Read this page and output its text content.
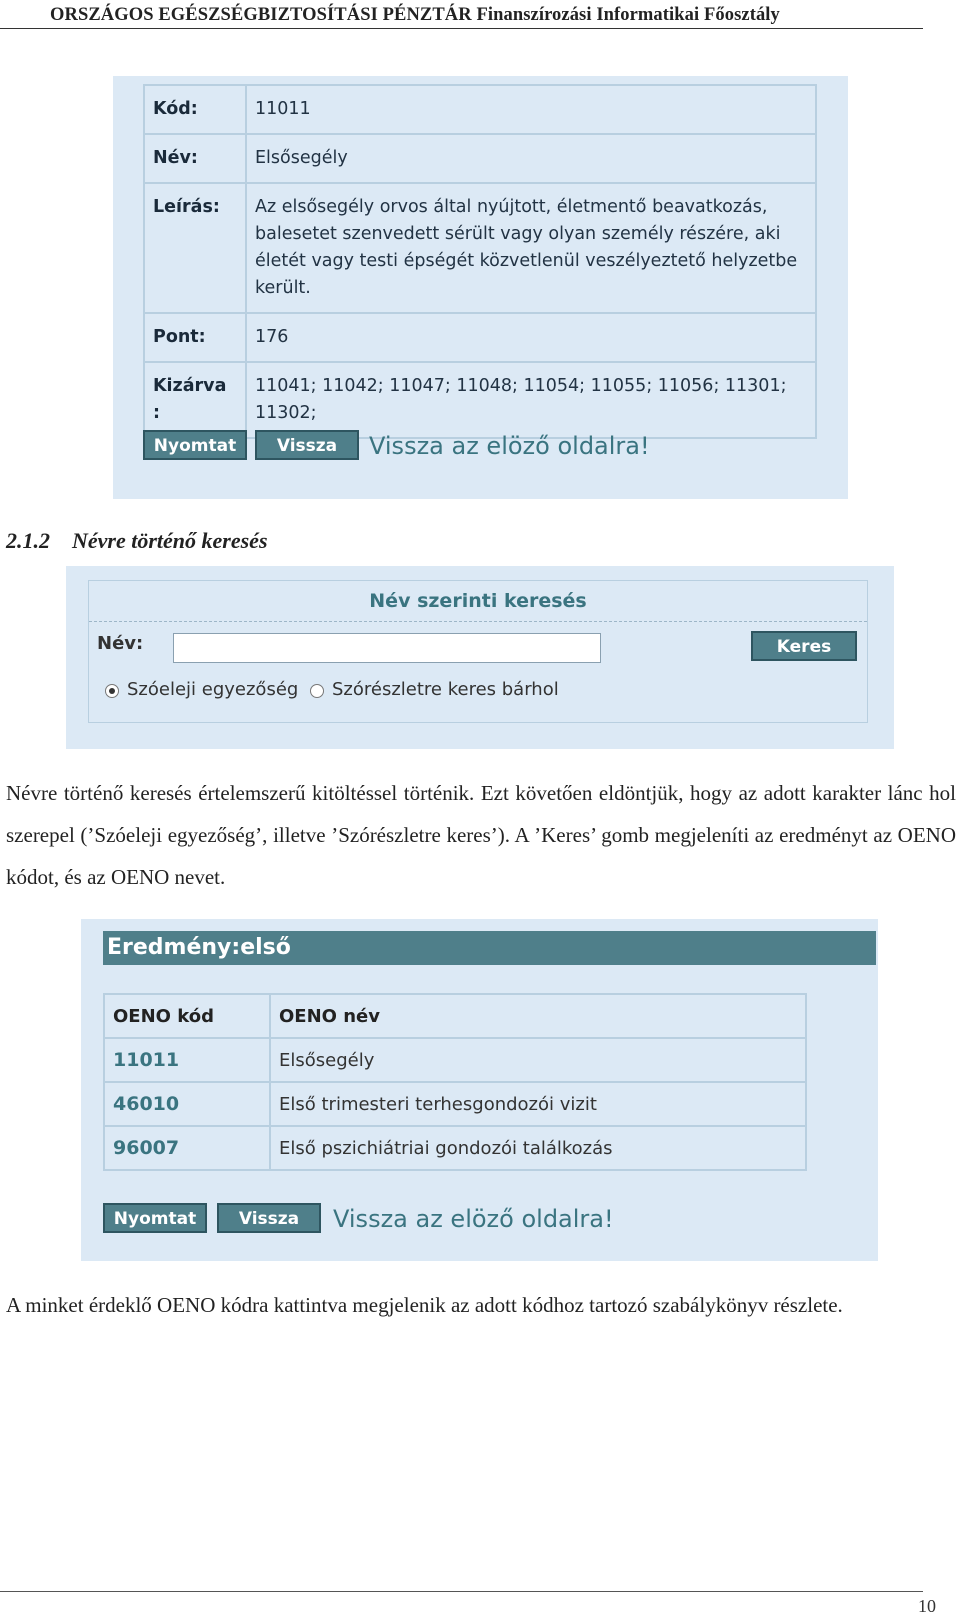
ORSZÁGOS EGÉSZSÉGBIZTOSÍTÁSI PÉNZTÁR Finanszírozási Informatikai Főosztály
Kód:	11011
Név:	Elsősegély
Leírás:	Az elsősegély orvos által nyújtott, életmentő beavatkozás, balesetet szenvedett sérült vagy olyan személy részére, aki életét vagy testi épségét közvetlenül veszélyeztető helyzetbe került.
Pont:	176
Kizárva :	11041; 11042; 11047; 11048; 11054; 11055; 11056; 11301; 11302;
Nyomtat	Vissza	Vissza az elöző oldalra!
2.1.2    Névre történő keresés
Név szerinti keresés
Név:	Keres
Szóeleji egyezőség Szórészletre keres bárhol
Névre történő keresés értelemszerű kitöltéssel történik. Ezt követően eldöntjük, hogy az adott karakter lánc hol szerepel (’Szóeleji egyezőség’, illetve ’Szórészletre keres’). A ’Keres’ gomb megjeleníti az eredményt az OENO kódot, és az OENO nevet.
Eredmény:első
OENO kód	OENO név
11011	Elsősegély
46010	Első trimesteri terhesgondozói vizit
96007	Első pszichiátriai gondozói találkozás
Nyomtat	Vissza	Vissza az elöző oldalra!
A minket érdeklő OENO kódra kattintva megjelenik az adott kódhoz tartozó szabálykönyv részlete.
10
